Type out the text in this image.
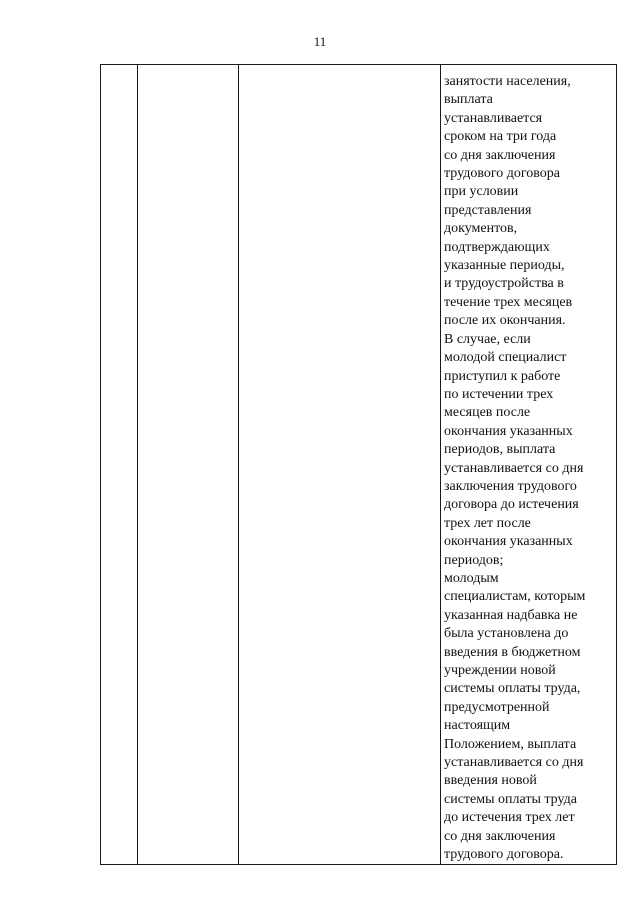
11

занятости населения,
выплата
устанавливается
сроком на три года
со дня заключения
трудового договора
при условии
представления
документов,
подтверждающих
указанные периоды,
и трудоустройства в
течение трех месяцев
после их окончания.
В случае, если
молодой специалист
приступил к работе
по истечении трех
месяцев после
окончания указанных
периодов, выплата
устанавливается со дня
заключения трудового
договора до истечения
трех лет после
окончания указанных
периодов;
молодым
специалистам, которым
указанная надбавка не
была установлена до
введения в бюджетном
учреждении новой
системы оплаты труда,
предусмотренной
настоящим
Положением, выплата
устанавливается со дня
введения новой
системы оплаты труда
до истечения трех лет
со дня заключения
трудового договора.
